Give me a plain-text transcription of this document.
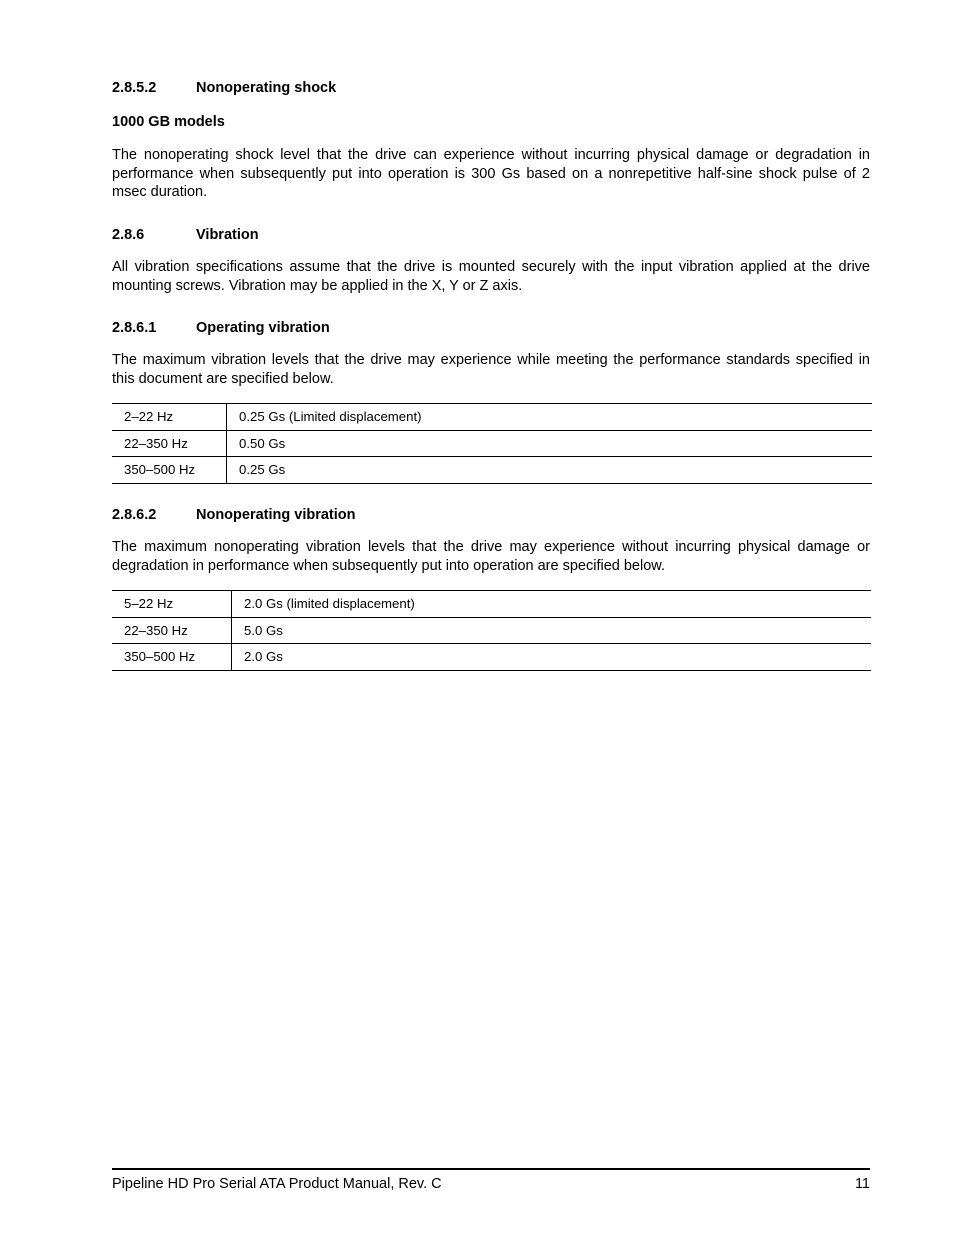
2.8.5.2	Nonoperating shock
1000 GB models
The nonoperating shock level that the drive can experience without incurring physical damage or degradation in performance when subsequently put into operation is 300 Gs based on a nonrepetitive half-sine shock pulse of 2 msec duration.
2.8.6	Vibration
All vibration specifications assume that the drive is mounted securely with the input vibration applied at the drive mounting screws. Vibration may be applied in the X, Y or Z axis.
2.8.6.1	Operating vibration
The maximum vibration levels that the drive may experience while meeting the performance standards specified in this document are specified below.
2–22 Hz	0.25 Gs (Limited displacement)
22–350 Hz	0.50 Gs
350–500 Hz	0.25 Gs
2.8.6.2	Nonoperating vibration
The maximum nonoperating vibration levels that the drive may experience without incurring physical damage or degradation in performance when subsequently put into operation are specified below.
5–22 Hz	2.0 Gs (limited displacement)
22–350 Hz	5.0 Gs
350–500 Hz	2.0 Gs
Pipeline HD Pro Serial ATA Product Manual, Rev. C	11
